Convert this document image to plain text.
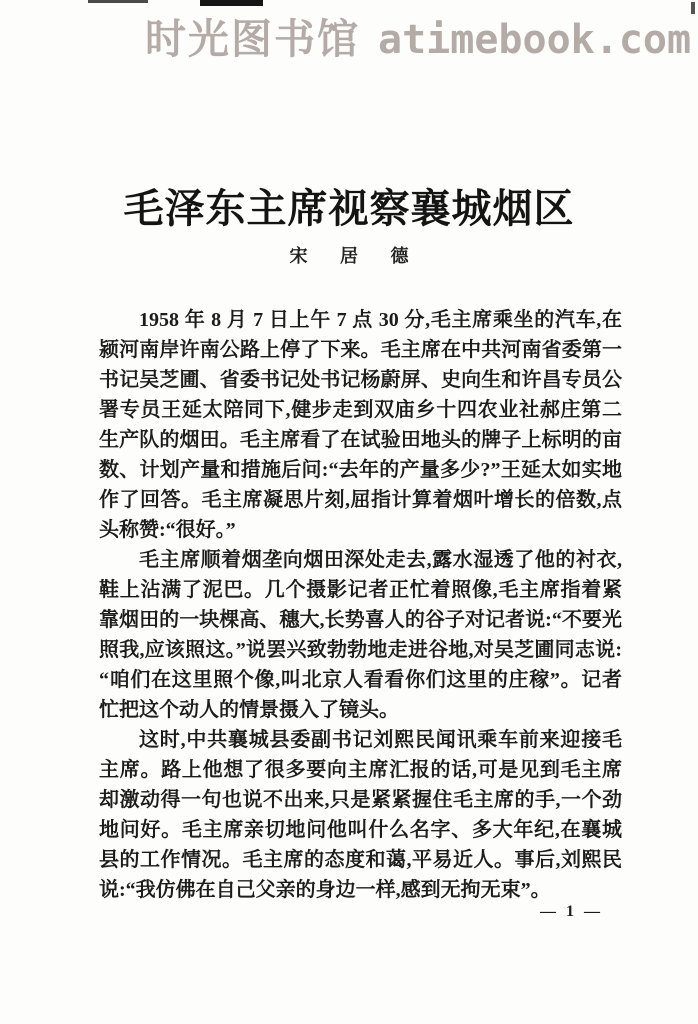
时光图书馆 atimebook.com
毛泽东主席视察襄城烟区
宋 居 德

1958 年 8 月 7 日上午 7 点 30 分,毛主席乘坐的汽车,在颍河南岸许南公路上停了下来。毛主席在中共河南省委第一书记吴芝圃、省委书记处书记杨蔚屏、史向生和许昌专员公署专员王延太陪同下,健步走到双庙乡十四农业社郝庄第二生产队的烟田。毛主席看了在试验田地头的牌子上标明的亩数、计划产量和措施后问:“去年的产量多少?”王延太如实地作了回答。毛主席凝思片刻,屈指计算着烟叶增长的倍数,点头称赞:“很好。”

毛主席顺着烟垄向烟田深处走去,露水湿透了他的衬衣,鞋上沾满了泥巴。几个摄影记者正忙着照像,毛主席指着紧靠烟田的一块棵高、穗大,长势喜人的谷子对记者说:“不要光照我,应该照这。”说罢兴致勃勃地走进谷地,对吴芝圃同志说:“咱们在这里照个像,叫北京人看看你们这里的庄稼”。记者忙把这个动人的情景摄入了镜头。

这时,中共襄城县委副书记刘熙民闻讯乘车前来迎接毛主席。路上他想了很多要向主席汇报的话,可是见到毛主席却激动得一句也说不出来,只是紧紧握住毛主席的手,一个劲地问好。毛主席亲切地问他叫什么名字、多大年纪,在襄城县的工作情况。毛主席的态度和蔼,平易近人。事后,刘熙民说:“我仿佛在自己父亲的身边一样,感到无拘无束”。

— 1 —
